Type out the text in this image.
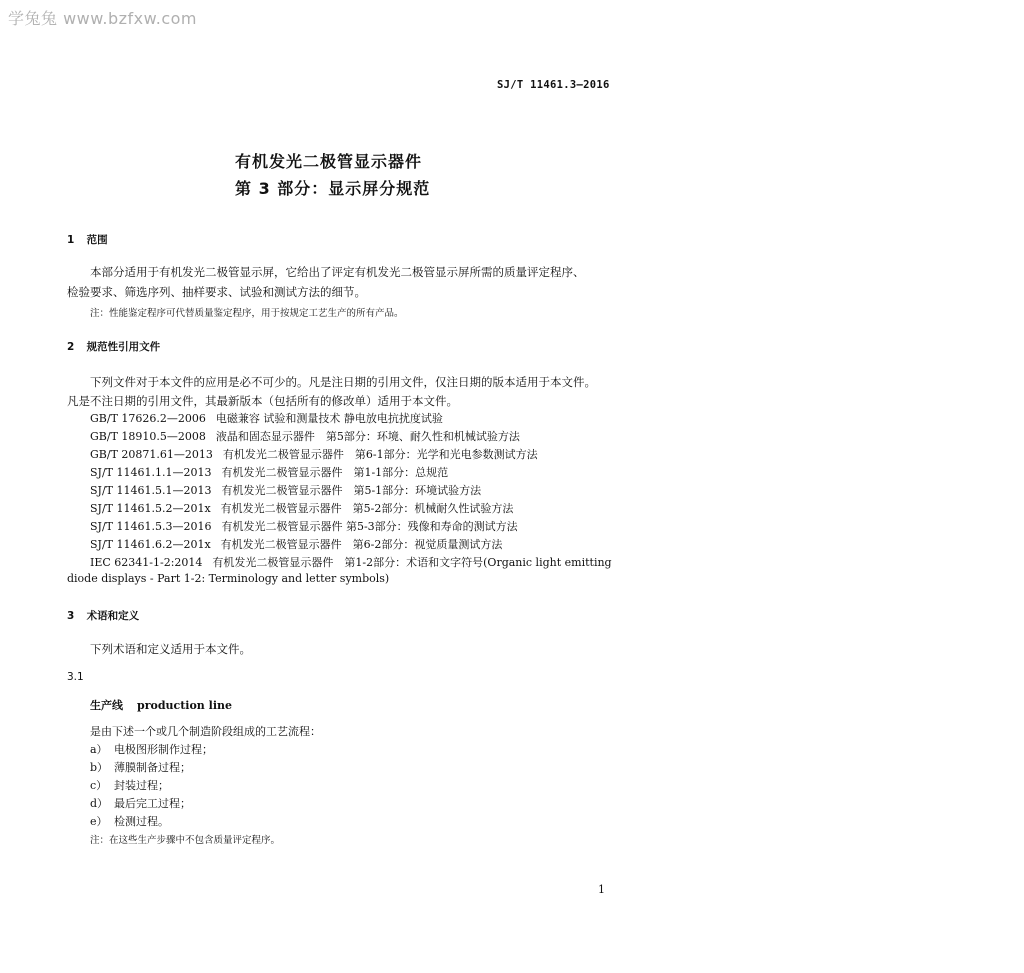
学兔兔 www.bzfxw.com
SJ/T 11461.3—2016
有机发光二极管显示器件
第 3 部分：显示屏分规范
1 范围
本部分适用于有机发光二极管显示屏，它给出了评定有机发光二极管显示屏所需的质量评定程序、
检验要求、筛选序列、抽样要求、试验和测试方法的细节。
注：性能鉴定程序可代替质量鉴定程序，用于按规定工艺生产的所有产品。
2 规范性引用文件
下列文件对于本文件的应用是必不可少的。凡是注日期的引用文件，仅注日期的版本适用于本文件。
凡是不注日期的引用文件，其最新版本（包括所有的修改单）适用于本文件。
GB/T 17626.2—2006 电磁兼容 试验和测量技术 静电放电抗扰度试验
GB/T 18910.5—2008 液晶和固态显示器件　第5部分：环境、耐久性和机械试验方法
GB/T 20871.61—2013 有机发光二极管显示器件　第6-1部分：光学和光电参数测试方法
SJ/T 11461.1.1—2013 有机发光二极管显示器件　第1-1部分：总规范
SJ/T 11461.5.1—2013 有机发光二极管显示器件　第5-1部分：环境试验方法
SJ/T 11461.5.2—201x 有机发光二极管显示器件　第5-2部分：机械耐久性试验方法
SJ/T 11461.5.3—2016 有机发光二极管显示器件 第5-3部分：残像和寿命的测试方法
SJ/T 11461.6.2—201x 有机发光二极管显示器件　第6-2部分：视觉质量测试方法
IEC 62341-1-2:2014 有机发光二极管显示器件　第1-2部分：术语和文字符号(Organic light emitting
diode displays - Part 1-2: Terminology and letter symbols)
3 术语和定义
下列术语和定义适用于本文件。
3.1
生产线 production line
是由下述一个或几个制造阶段组成的工艺流程：
a） 电极图形制作过程；
b） 薄膜制备过程；
c） 封装过程；
d） 最后完工过程；
e） 检测过程。
注：在这些生产步骤中不包含质量评定程序。
1
